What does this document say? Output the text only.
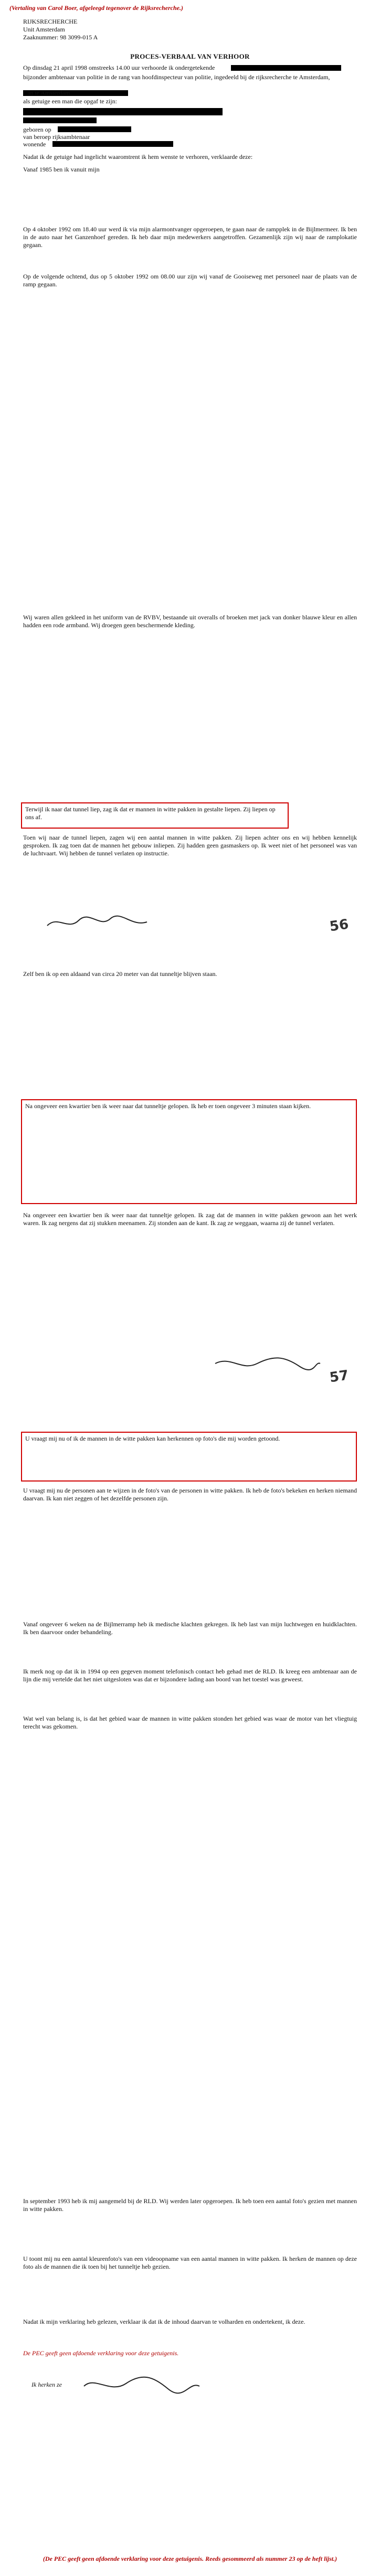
(Vertaling van Carol Boer, afgeleegd tegenover de Rijksrecherche.)
RIJKSRECHERCHE
Unit Amsterdam
Zaaknummer: 98 3099-015 A
PROCES-VERBAAL VAN VERHOOR
Op dinsdag 21 april 1998 omstreeks 14.00 uur verhoorde ik ondergetekende
bijzonder ambtenaar van politie in de rang van hoofdinspecteur van politie, ingedeeld bij de rijksrecherche te Amsterdam,
in te Amsterdam
als getuige een man die opgaf te zijn:
geboren op
van beroep rijksambtenaar
wonende
Nadat ik de getuige had ingelicht waaromtrent ik hem wenste te verhoren, verklaarde deze:
Vanaf 1985 ben ik vanuit mijn
Op 4 oktober 1992 om 18.40 uur werd ik via mijn alarmontvanger opgeroepen, te gaan naar de rampplek in de Bijlmermeer. Ik ben in de auto naar het Ganzenhoef gereden. Ik heb daar mijn medewerkers aangetroffen. Gezamenlijk zijn wij naar de ramplokatie gegaan.
Op de volgende ochtend, dus op 5 oktober 1992 om 08.00 uur zijn wij vanaf de Gooiseweg met personeel naar de plaats van de ramp gegaan.
Wij waren allen gekleed in het uniform van de RVBV, bestaande uit overalls of broeken met jack van donker blauwe kleur en allen hadden een rode armband. Wij droegen geen beschermende kleding.
Terwijl ik naar dat tunnel liep, zag ik dat er mannen in witte pakken in gestalte liepen. Zij liepen op ons af.
Toen wij naar de tunnel liepen, zagen wij een aantal mannen in witte pakken. Zij liepen achter ons en wij hebben kennelijk gesproken. Ik zag toen dat de mannen het gebouw inliepen. Zij hadden geen gasmaskers op. Ik weet niet of het personeel was van de luchtvaart. Wij hebben de tunnel verlaten op instructie.
56
Zelf ben ik op een aldaand van circa 20 meter van dat tunneltje blijven staan.
Na ongeveer een kwartier ben ik weer naar dat tunneltje gelopen. Ik heb er toen ongeveer 3 minuten staan kijken.
Na ongeveer een kwartier ben ik weer naar dat tunneltje gelopen. Ik zag dat de mannen in witte pakken gewoon aan het werk waren. Ik zag nergens dat zij stukken meenamen. Zij stonden aan de kant. Ik zag ze weggaan, waarna zij de tunnel verlaten.
57
U vraagt mij nu of ik de mannen in de witte pakken kan herkennen op foto's die mij worden getoond.
U vraagt mij nu de personen aan te wijzen in de foto's van de personen in witte pakken. Ik heb de foto's bekeken en herken niemand daarvan. Ik kan niet zeggen of het dezelfde personen zijn.
Vanaf ongeveer 6 weken na de Bijlmerramp heb ik medische klachten gekregen. Ik heb last van mijn luchtwegen en huidklachten. Ik ben daarvoor onder behandeling.
Ik merk nog op dat ik in 1994 op een gegeven moment telefonisch contact heb gehad met de RLD. Ik kreeg een ambtenaar aan de lijn die mij vertelde dat het niet uitgesloten was dat er bijzondere lading aan boord van het toestel was geweest.
Wat wel van belang is, is dat het gebied waar de mannen in witte pakken stonden het gebied was waar de motor van het vliegtuig terecht was gekomen.
In september 1993 heb ik mij aangemeld bij de RLD. Wij werden later opgeroepen. Ik heb toen een aantal foto's gezien met mannen in witte pakken.
U toont mij nu een aantal kleurenfoto's van een videoopname van een aantal mannen in witte pakken. Ik herken de mannen op deze foto als de mannen die ik toen bij het tunneltje heb gezien.
Nadat ik mijn verklaring heb gelezen, verklaar ik dat ik de inhoud daarvan te volharden en ondertekent, ik deze.
De PEC geeft geen afdoende verklaring voor deze getuigenis.
Ik herken ze
(De PEC geeft geen afdoende verklaring voor deze getuigenis. Reeds gesommeerd als nummer 23 op de heft lijst.)
